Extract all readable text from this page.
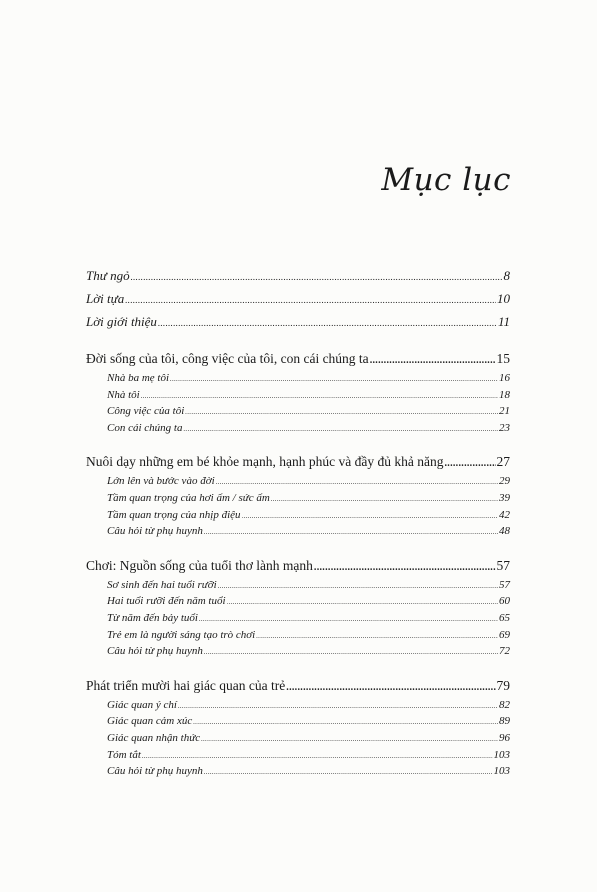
Mục lục
Thư ngỏ .....	8
Lời tựa .....	10
Lời giới thiệu .....	11
Đời sống của tôi, công việc của tôi, con cái chúng ta .....	15
Nhà ba mẹ tôi .....	16
Nhà tôi .....	18
Công việc của tôi .....	21
Con cái chúng ta .....	23
Nuôi dạy những em bé khỏe mạnh, hạnh phúc và đầy đủ khả năng .....	27
Lớn lên và bước vào đời .....	29
Tầm quan trọng của hơi ấm / sức ấm .....	39
Tầm quan trọng của nhịp điệu .....	42
Câu hỏi từ phụ huynh .....	48
Chơi: Nguồn sống của tuổi thơ lành mạnh .....	57
Sơ sinh đến hai tuổi rưỡi .....	57
Hai tuổi rưỡi đến năm tuổi .....	60
Từ năm đến bảy tuổi .....	65
Trẻ em là người sáng tạo trò chơi .....	69
Câu hỏi từ phụ huynh .....	72
Phát triển mười hai giác quan của trẻ .....	79
Giác quan ý chí .....	82
Giác quan cảm xúc .....	89
Giác quan nhận thức .....	96
Tóm tắt .....	103
Câu hỏi từ phụ huynh .....	103
